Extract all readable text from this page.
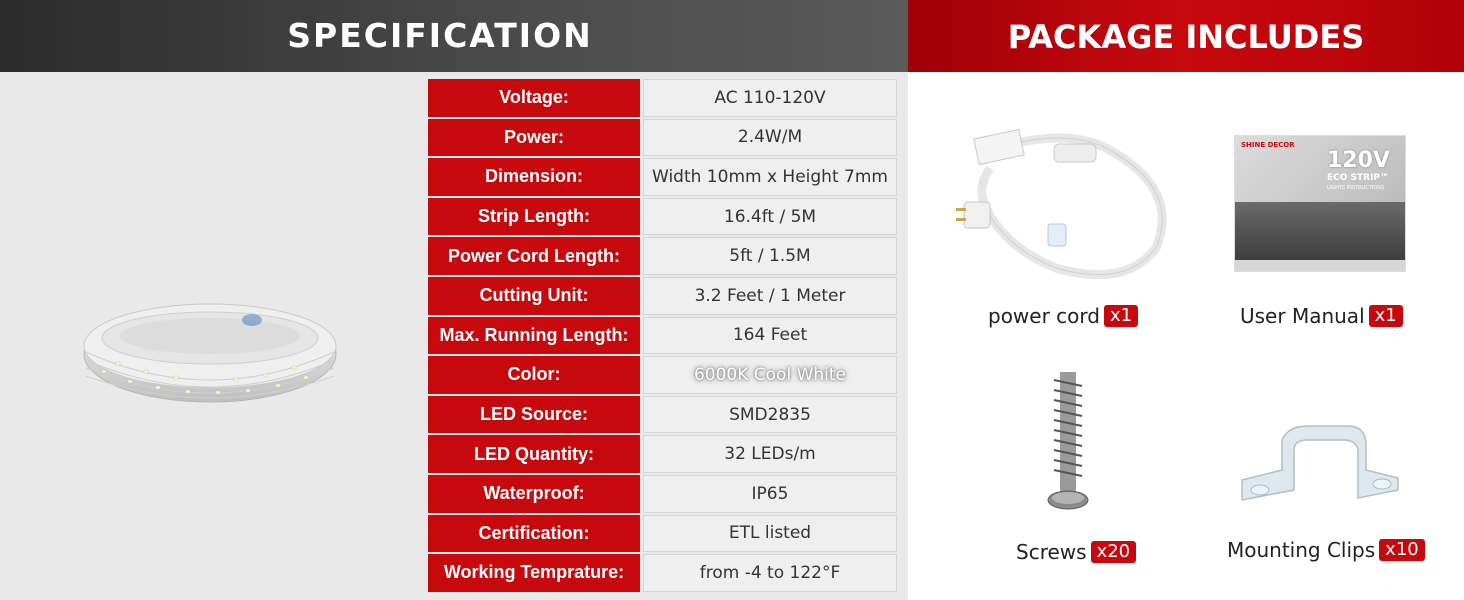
SPECIFICATION
Voltage:	AC 110-120V
Power:	2.4W/M
Dimension:	Width 10mm x Height 7mm
Strip Length:	16.4ft / 5M
Power Cord Length:	5ft / 1.5M
Cutting Unit:	3.2 Feet / 1 Meter
Max. Running Length:	164 Feet
Color:	6000K Cool White
LED Source:	SMD2835
LED Quantity:	32 LEDs/m
Waterproof:	IP65
Certification:	ETL listed
Working Temprature:	from -4 to 122°F
PACKAGE INCLUDES
power cord x1
SHINE DECOR
120V
ECO STRIP™
LIGHTS INSTRUCTIONS
User Manual x1
Screws x20	Mounting Clips x10
